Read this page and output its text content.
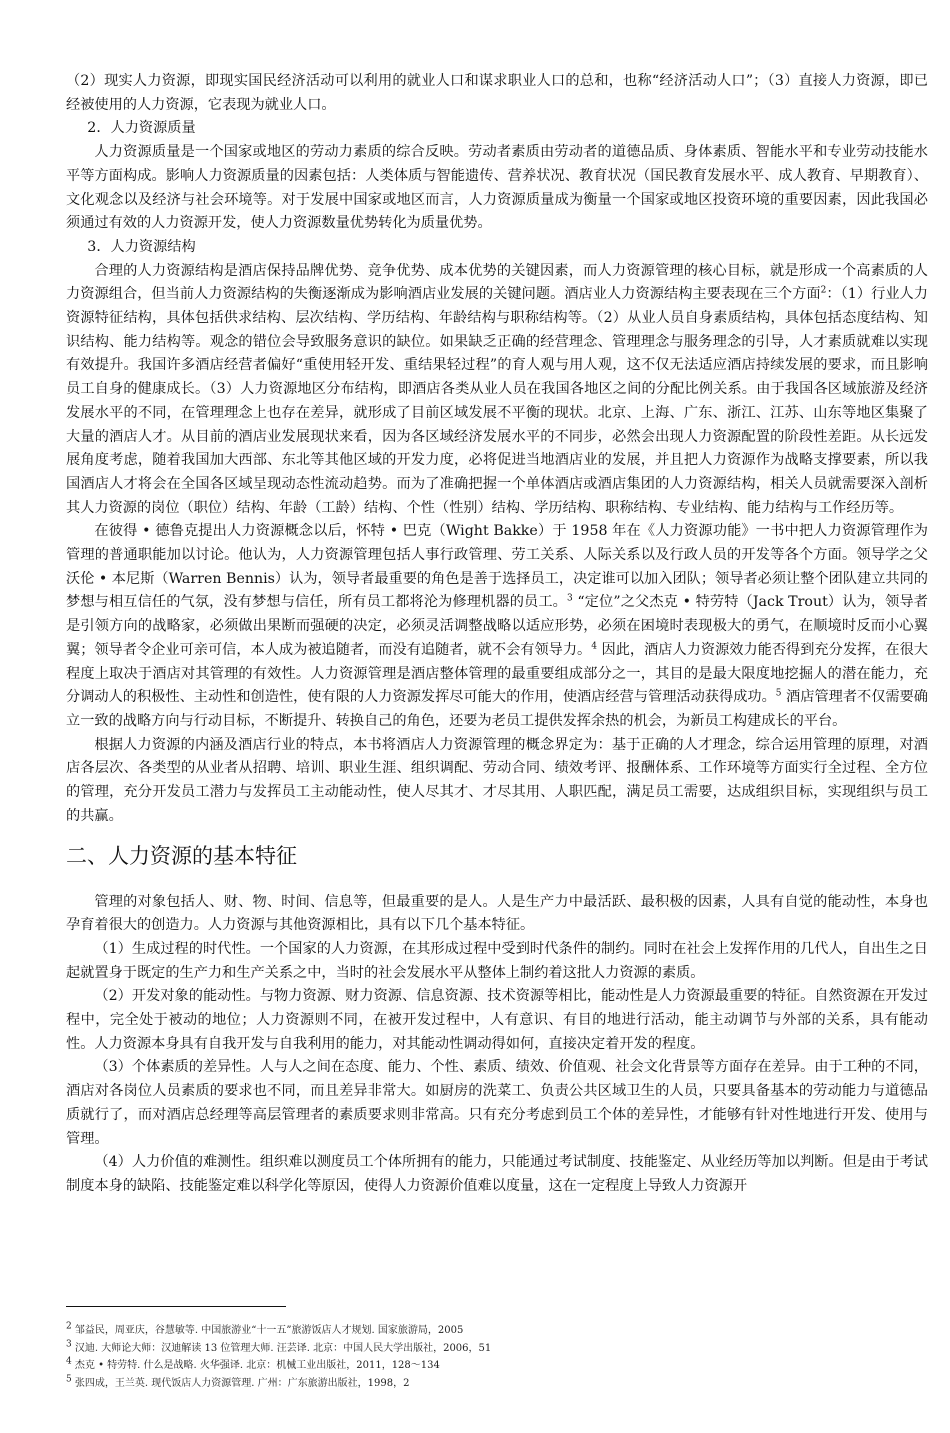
（2）现实人力资源，即现实国民经济活动可以利用的就业人口和谋求职业人口的总和，也称“经济活动人口”；（3）直接人力资源，即已经被使用的人力资源，它表现为就业人口。

2．人力资源质量

人力资源质量是一个国家或地区的劳动力素质的综合反映。劳动者素质由劳动者的道德品质、身体素质、智能水平和专业劳动技能水平等方面构成。影响人力资源质量的因素包括：人类体质与智能遗传、营养状况、教育状况（国民教育发展水平、成人教育、早期教育）、文化观念以及经济与社会环境等。对于发展中国家或地区而言，人力资源质量成为衡量一个国家或地区投资环境的重要因素，因此我国必须通过有效的人力资源开发，使人力资源数量优势转化为质量优势。

3．人力资源结构

合理的人力资源结构是酒店保持品牌优势、竞争优势、成本优势的关键因素，而人力资源管理的核心目标，就是形成一个高素质的人力资源组合，但当前人力资源结构的失衡逐渐成为影响酒店业发展的关键问题。酒店业人力资源结构主要表现在三个方面$^2$：（1）行业人力资源特征结构，具体包括供求结构、层次结构、学历结构、年龄结构与职称结构等。（2）从业人员自身素质结构，具体包括态度结构、知识结构、能力结构等。观念的错位会导致服务意识的缺位。如果缺乏正确的经营理念、管理理念与服务理念的引导，人才素质就难以实现有效提升。我国许多酒店经营者偏好“重使用轻开发、重结果轻过程”的育人观与用人观，这不仅无法适应酒店持续发展的要求，而且影响员工自身的健康成长。（3）人力资源地区分布结构，即酒店各类从业人员在我国各地区之间的分配比例关系。由于我国各区域旅游及经济发展水平的不同，在管理理念上也存在差异，就形成了目前区域发展不平衡的现状。北京、上海、广东、浙江、江苏、山东等地区集聚了大量的酒店人才。从目前的酒店业发展现状来看，因为各区域经济发展水平的不同步，必然会出现人力资源配置的阶段性差距。从长远发展角度考虑，随着我国加大西部、东北等其他区域的开发力度，必将促进当地酒店业的发展，并且把人力资源作为战略支撑要素，所以我国酒店人才将会在全国各区域呈现动态性流动趋势。而为了准确把握一个单体酒店或酒店集团的人力资源结构，相关人员就需要深入剖析其人力资源的岗位（职位）结构、年龄（工龄）结构、个性（性别）结构、学历结构、职称结构、专业结构、能力结构与工作经历等。

在彼得 • 德鲁克提出人力资源概念以后，怀特 • 巴克（Wight Bakke）于 1958 年在《人力资源功能》一书中把人力资源管理作为管理的普通职能加以讨论。他认为，人力资源管理包括人事行政管理、劳工关系、人际关系以及行政人员的开发等各个方面。领导学之父沃伦 • 本尼斯（Warren Bennis）认为，领导者最重要的角色是善于选择员工，决定谁可以加入团队；领导者必须让整个团队建立共同的梦想与相互信任的气氛，没有梦想与信任，所有员工都将沦为修理机器的员工。$^3$ “定位”之父杰克 • 特劳特（Jack Trout）认为，领导者是引领方向的战略家，必须做出果断而强硬的决定，必须灵活调整战略以适应形势，必须在困境时表现极大的勇气，在顺境时反而小心翼翼；领导者令企业可亲可信，本人成为被追随者，而没有追随者，就不会有领导力。$^4$ 因此，酒店人力资源效力能否得到充分发挥，在很大程度上取决于酒店对其管理的有效性。人力资源管理是酒店整体管理的最重要组成部分之一，其目的是最大限度地挖掘人的潜在能力，充分调动人的积极性、主动性和创造性，使有限的人力资源发挥尽可能大的作用，使酒店经营与管理活动获得成功。$^5$ 酒店管理者不仅需要确立一致的战略方向与行动目标，不断提升、转换自己的角色，还要为老员工提供发挥余热的机会，为新员工构建成长的平台。

根据人力资源的内涵及酒店行业的特点，本书将酒店人力资源管理的概念界定为：基于正确的人才理念，综合运用管理的原理，对酒店各层次、各类型的从业者从招聘、培训、职业生涯、组织调配、劳动合同、绩效考评、报酬体系、工作环境等方面实行全过程、全方位的管理，充分开发员工潜力与发挥员工主动能动性，使人尽其才、才尽其用、人职匹配，满足员工需要，达成组织目标，实现组织与员工的共赢。

二、人力资源的基本特征

管理的对象包括人、财、物、时间、信息等，但最重要的是人。人是生产力中最活跃、最积极的因素，人具有自觉的能动性，本身也孕育着很大的创造力。人力资源与其他资源相比，具有以下几个基本特征。

（1）生成过程的时代性。一个国家的人力资源，在其形成过程中受到时代条件的制约。同时在社会上发挥作用的几代人，自出生之日起就置身于既定的生产力和生产关系之中，当时的社会发展水平从整体上制约着这批人力资源的素质。

（2）开发对象的能动性。与物力资源、财力资源、信息资源、技术资源等相比，能动性是人力资源最重要的特征。自然资源在开发过程中，完全处于被动的地位；人力资源则不同，在被开发过程中，人有意识、有目的地进行活动，能主动调节与外部的关系，具有能动性。人力资源本身具有自我开发与自我利用的能力，对其能动性调动得如何，直接决定着开发的程度。

（3）个体素质的差异性。人与人之间在态度、能力、个性、素质、绩效、价值观、社会文化背景等方面存在差异。由于工种的不同，酒店对各岗位人员素质的要求也不同，而且差异非常大。如厨房的洗菜工、负责公共区域卫生的人员，只要具备基本的劳动能力与道德品质就行了，而对酒店总经理等高层管理者的素质要求则非常高。只有充分考虑到员工个体的差异性，才能够有针对性地进行开发、使用与管理。

（4）人力价值的难测性。组织难以测度员工个体所拥有的能力，只能通过考试制度、技能鉴定、从业经历等加以判断。但是由于考试制度本身的缺陷、技能鉴定难以科学化等原因，使得人力资源价值难以度量，这在一定程度上导致人力资源开

$^2$ 邹益民，周亚庆，谷慧敏等. 中国旅游业“十一五”旅游饭店人才规划. 国家旅游局，2005
$^3$ 汉迪. 大师论大师：汉迪解读 13 位管理大师. 汪芸译. 北京：中国人民大学出版社，2006，51
$^4$ 杰克 • 特劳特. 什么是战略. 火华强译. 北京：机械工业出版社，2011，128～134
$^5$ 张四成，王兰英. 现代饭店人力资源管理. 广州：广东旅游出版社，1998，2
